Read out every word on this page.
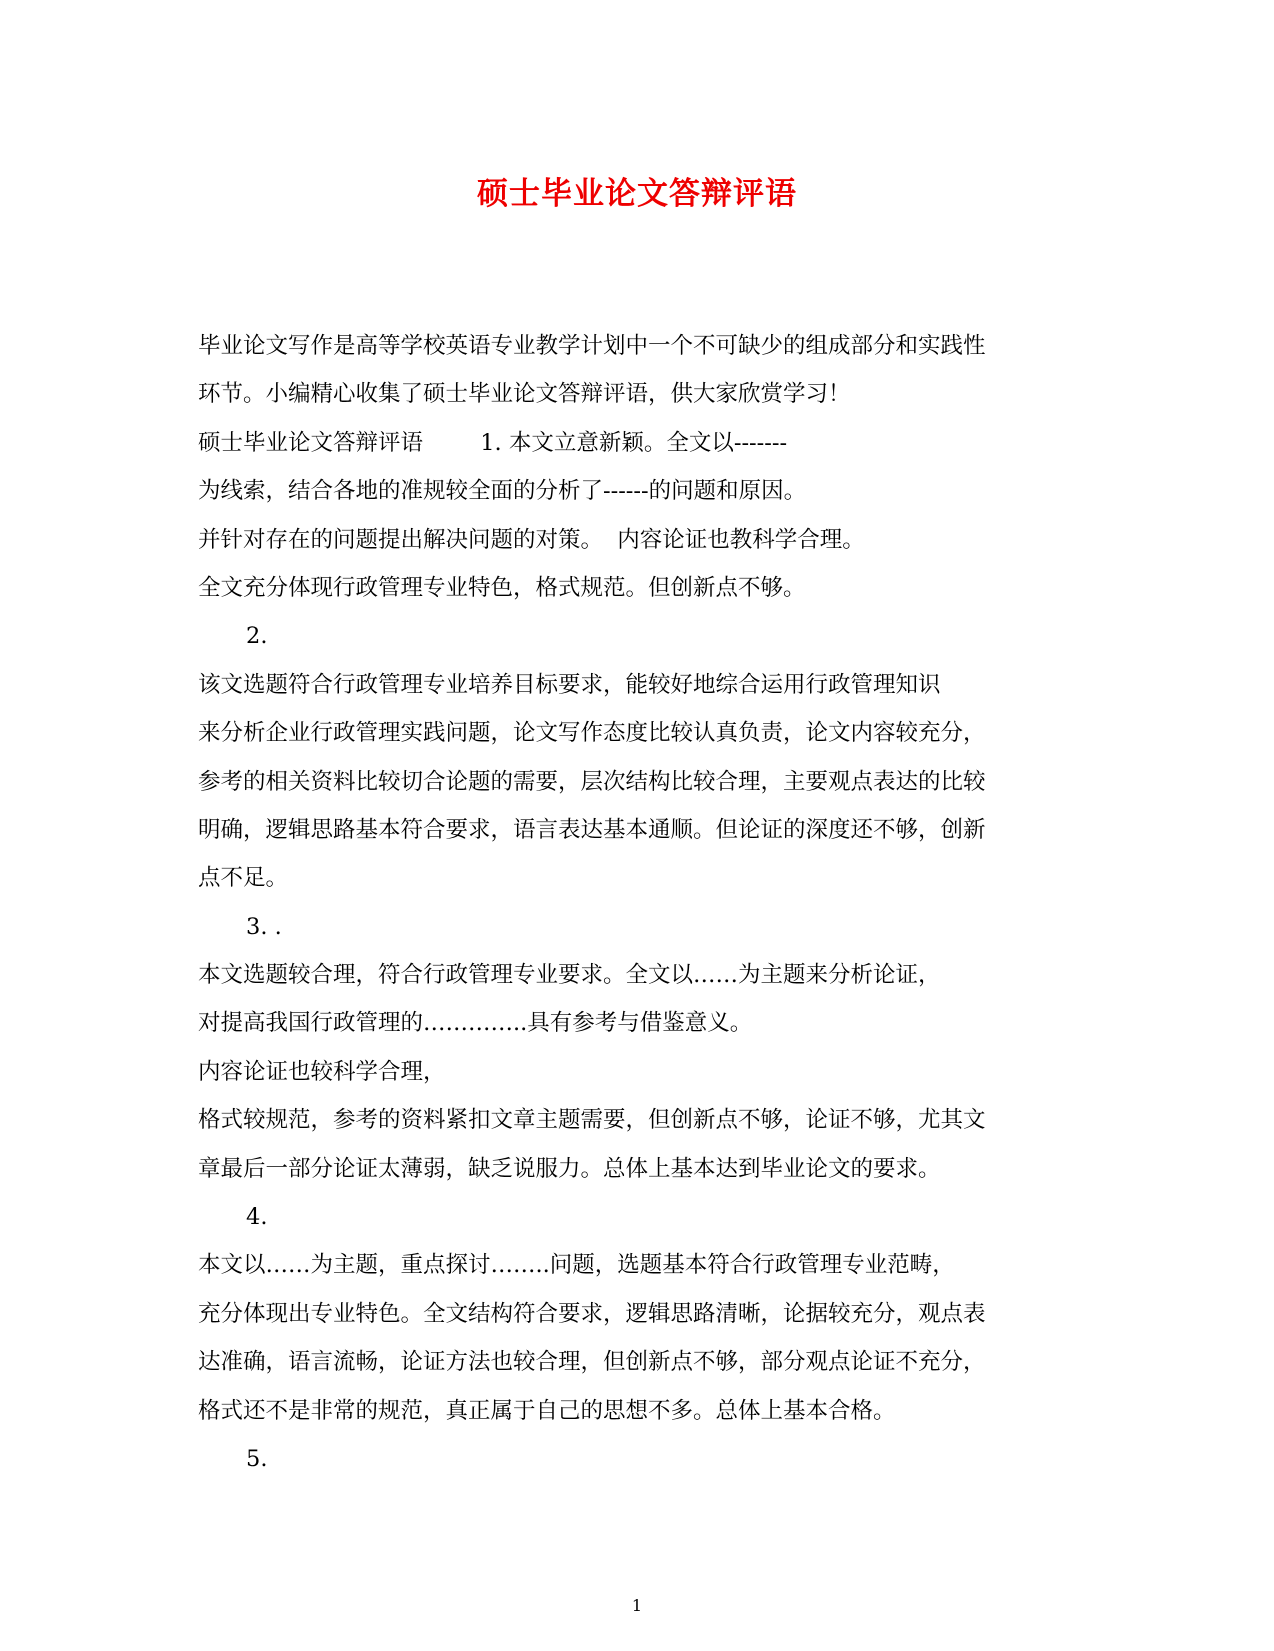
硕士毕业论文答辩评语
毕业论文写作是高等学校英语专业教学计划中一个不可缺少的组成部分和实践性
环节。小编精心收集了硕士毕业论文答辩评语，供大家欣赏学习！
硕士毕业论文答辩评语        1. 本文立意新颖。全文以-------
为线索，结合各地的准规较全面的分析了------的问题和原因。
并针对存在的问题提出解决问题的对策。  内容论证也教科学合理。
全文充分体现行政管理专业特色，格式规范。但创新点不够。
2.
该文选题符合行政管理专业培养目标要求，能较好地综合运用行政管理知识
来分析企业行政管理实践问题，论文写作态度比较认真负责，论文内容较充分，
参考的相关资料比较切合论题的需要，层次结构比较合理，主要观点表达的比较
明确，逻辑思路基本符合要求，语言表达基本通顺。但论证的深度还不够，创新
点不足。
3. .
本文选题较合理，符合行政管理专业要求。全文以……为主题来分析论证，
对提高我国行政管理的…………..具有参考与借鉴意义。
内容论证也较科学合理，
格式较规范，参考的资料紧扣文章主题需要，但创新点不够，论证不够，尤其文
章最后一部分论证太薄弱，缺乏说服力。总体上基本达到毕业论文的要求。
4.
本文以……为主题，重点探讨……..问题，选题基本符合行政管理专业范畴，
充分体现出专业特色。全文结构符合要求，逻辑思路清晰，论据较充分，观点表
达准确，语言流畅，论证方法也较合理，但创新点不够，部分观点论证不充分，
格式还不是非常的规范，真正属于自己的思想不多。总体上基本合格。
5.
1
